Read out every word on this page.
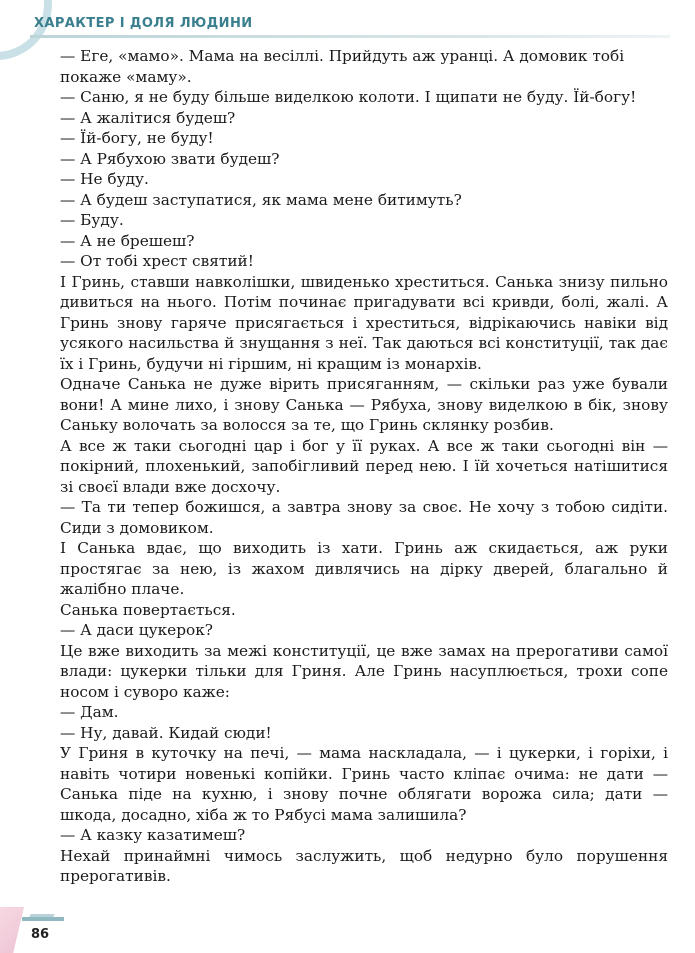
ХАРАКТЕР І ДОЛЯ ЛЮДИНИ

— Еге, «мамо». Мама на весіллі. Прийдуть аж уранці. А домовик тобі покаже «маму».

— Саню, я не буду більше виделкою колоти. І щипати не буду. Їй-богу!

— А жалітися будеш?

— Їй-богу, не буду!

— А Рябухою звати будеш?

— Не буду.

— А будеш заступатися, як мама мене битимуть?

— Буду.

— А не брешеш?

— От тобі хрест святий!

І Гринь, ставши навколішки, швиденько хреститься. Санька знизу пильно дивиться на нього. Потім починає пригадувати всі кривди, болі, жалі. А Гринь знову гаряче присягається і хреститься, відрікаючись навіки від усякого насильства й знущання з неї. Так даються всі конституції, так дає їх і Гринь, будучи ні гіршим, ні кращим із монархів.

Одначе Санька не дуже вірить присяганням, — скільки раз уже бували вони! А мине лихо, і знову Санька — Рябуха, знову виделкою в бік, знову Саньку волочать за волосся за те, що Гринь склянку розбив.

А все ж таки сьогодні цар і бог у її руках. А все ж таки сьогодні він — покірний, плохенький, запобігливий перед нею. І їй хочеться натішитися зі своєї влади вже досхочу.

— Та ти тепер божишся, а завтра знову за своє. Не хочу з тобою сидіти. Сиди з домовиком.

І Санька вдає, що виходить із хати. Гринь аж скидається, аж руки простягає за нею, із жахом дивлячись на дірку дверей, благально й жалібно плаче.

Санька повертається.

— А даси цукерок?

Це вже виходить за межі конституції, це вже замах на прерогативи самої влади: цукерки тільки для Гриня. Але Гринь насуплюється, трохи сопе носом і суворо каже:

— Дам.

— Ну, давай. Кидай сюди!

У Гриня в куточку на печі, — мама наскладала, — і цукерки, і горіхи, і навіть чотири новенькі копійки. Гринь часто кліпає очима: не дати — Санька піде на кухню, і знову почне облягати ворожа сила; дати — шкода, досадно, хіба ж то Рябусі мама залишила?

— А казку казатимеш?

Нехай принаймні чимось заслужить, щоб недурно було порушення прерогативів.

86
